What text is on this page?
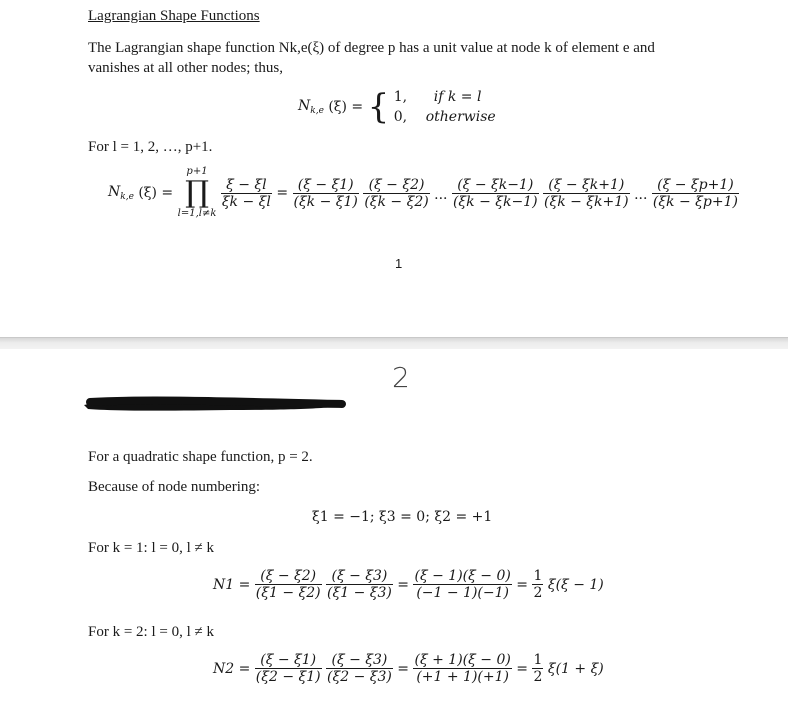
Lagrangian Shape Functions
The Lagrangian shape function Nk,e(ξ) of degree p has a unit value at node k of element e and
vanishes at all other nodes; thus,
$N_{k,e}$ (ξ) = { 1, if k = l
0, otherwise
For l = 1, 2, …, p+1.
$N_{k,e}$ (ξ) =
p+1
∏
l=1,l≠k

$\frac{\xi - \xi l}{\xi k - \xi l} = \frac{(\xi - \xi 1)}{(\xi k - \xi 1)}$
$\frac{(\xi - \xi 2)}{(\xi k - \xi 2)}$ ··· $\frac{(\xi - \xi k-1)}{(\xi k - \xi k-1)}$
$\frac{(\xi - \xi k+1)}{(\xi k - \xi k+1)}$ ··· $\frac{(\xi - \xi p+1)}{(\xi k - \xi p+1)}$
1
2
For a quadratic shape function, p = 2.
Because of node numbering:
ξ1 = −1; ξ3 = 0; ξ2 = +1
For k = 1: l = 0, l ≠ k
$N1 = \frac{(\xi - \xi 2)}{(\xi 1 - \xi 2)}$
$\frac{(\xi - \xi 3)}{(\xi 1 - \xi 3)} = \frac{(\xi - 1)(\xi - 0)}{(-1 - 1)(-1)} = \frac{1}{2} \xi(\xi - 1)$
For k = 2: l = 0, l ≠ k
$N2 = \frac{(\xi - \xi 1)}{(\xi 2 - \xi 1)}$
$\frac{(\xi - \xi 3)}{(\xi 2 - \xi 3)} = \frac{(\xi + 1)(\xi - 0)}{(+1 + 1)(+1)} = \frac{1}{2} \xi(1 + \xi)$
